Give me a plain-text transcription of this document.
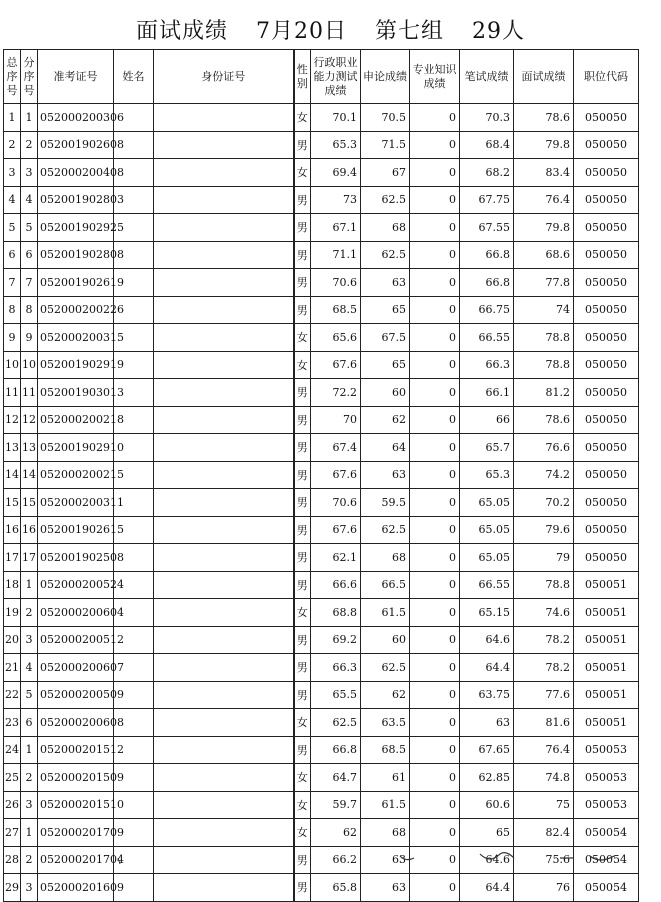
面试成绩 7月20日 第七组 29人
总序号	分序号	准考证号	姓名	身份证号	性别	行政职业能力测试成绩	申论成绩	专业知识成绩	笔试成绩	面试成绩	职位代码
1	1	052000200306			女	70.1	70.5	0	70.3	78.6	050050
2	2	052001902608			男	65.3	71.5	0	68.4	79.8	050050
3	3	052000200408			女	69.4	67	0	68.2	83.4	050050
4	4	052001902803			男	73	62.5	0	67.75	76.4	050050
5	5	052001902925			男	67.1	68	0	67.55	79.8	050050
6	6	052001902808			男	71.1	62.5	0	66.8	68.6	050050
7	7	052001902619			男	70.6	63	0	66.8	77.8	050050
8	8	052000200226			男	68.5	65	0	66.75	74	050050
9	9	052000200315			女	65.6	67.5	0	66.55	78.8	050050
10	10	052001902919			女	67.6	65	0	66.3	78.8	050050
11	11	052001903013			男	72.2	60	0	66.1	81.2	050050
12	12	052000200218			男	70	62	0	66	78.6	050050
13	13	052001902910			男	67.4	64	0	65.7	76.6	050050
14	14	052000200215			男	67.6	63	0	65.3	74.2	050050
15	15	052000200311			男	70.6	59.5	0	65.05	70.2	050050
16	16	052001902615			男	67.6	62.5	0	65.05	79.6	050050
17	17	052001902508			男	62.1	68	0	65.05	79	050050
18	1	052000200524			男	66.6	66.5	0	66.55	78.8	050051
19	2	052000200604			女	68.8	61.5	0	65.15	74.6	050051
20	3	052000200512			男	69.2	60	0	64.6	78.2	050051
21	4	052000200607			男	66.3	62.5	0	64.4	78.2	050051
22	5	052000200509			男	65.5	62	0	63.75	77.6	050051
23	6	052000200608			女	62.5	63.5	0	63	81.6	050051
24	1	052000201512			男	66.8	68.5	0	67.65	76.4	050053
25	2	052000201509			女	64.7	61	0	62.85	74.8	050053
26	3	052000201510			女	59.7	61.5	0	60.6	75	050053
27	1	052000201709			女	62	68	0	65	82.4	050054
28	2	052000201704			男	66.2	63	0	64.6	75.6	050054
29	3	052000201609			男	65.8	63	0	64.4	76	050054
